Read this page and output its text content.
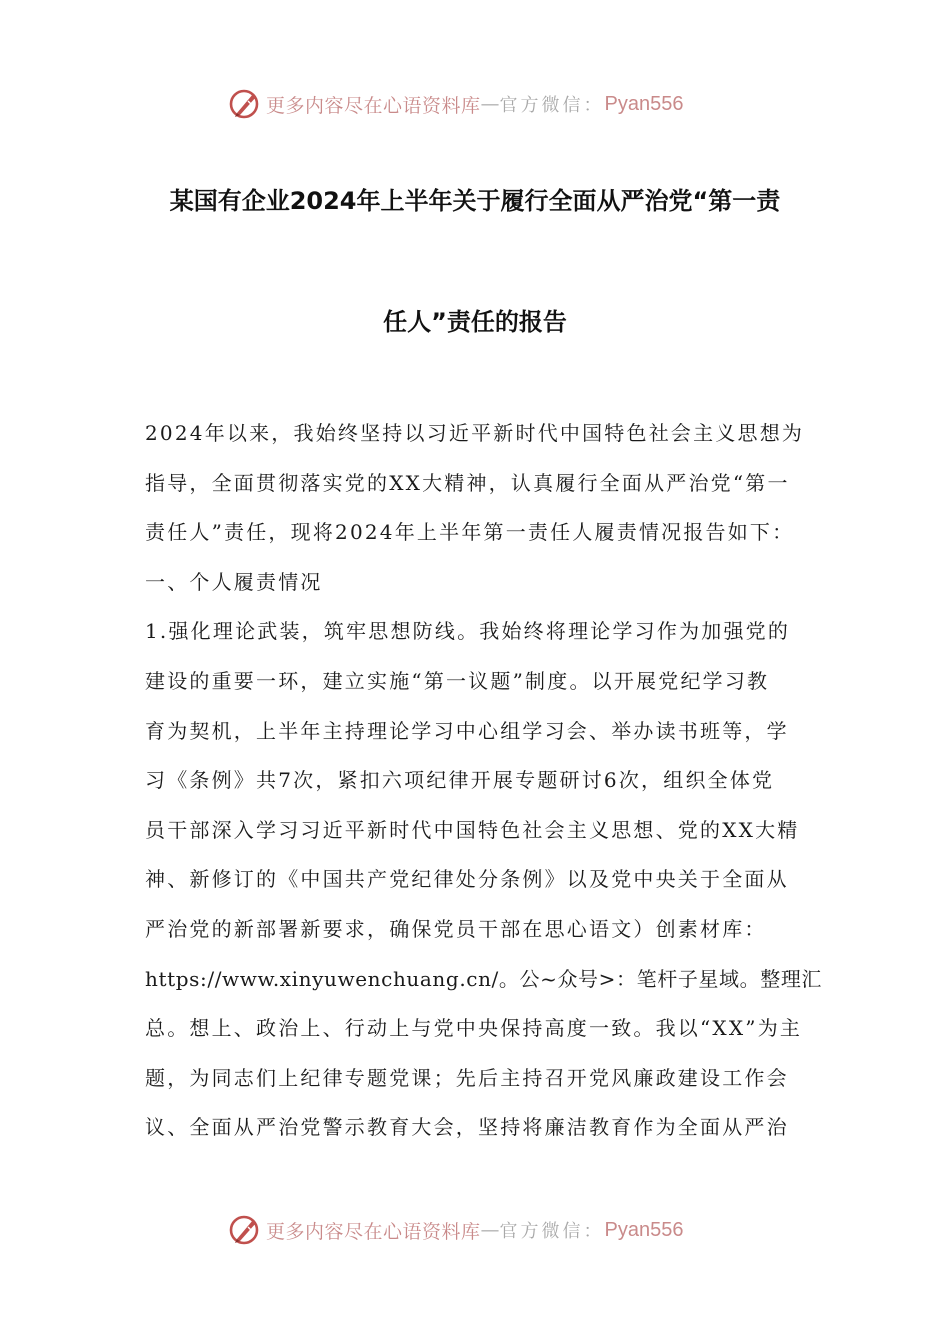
更多内容尽在心语资料库 — 官方微信： Pyan556
某国有企业2024年上半年关于履行全面从严治党“第一责
任人”责任的报告
2024年以来，我始终坚持以习近平新时代中国特色社会主义思想为
指导，全面贯彻落实党的XX大精神，认真履行全面从严治党“第一
责任人”责任，现将2024年上半年第一责任人履责情况报告如下：
一、个人履责情况
1.强化理论武装，筑牢思想防线。我始终将理论学习作为加强党的
建设的重要一环，建立实施“第一议题”制度。以开展党纪学习教
育为契机，上半年主持理论学习中心组学习会、举办读书班等，学
习《条例》共7次，紧扣六项纪律开展专题研讨6次，组织全体党
员干部深入学习习近平新时代中国特色社会主义思想、党的XX大精
神、新修订的《中国共产党纪律处分条例》以及党中央关于全面从
严治党的新部署新要求，确保党员干部在思心语文）创素材库：
https://www.xinyuwenchuang.cn/。公~众号>：笔杆子星域。整理汇
总。想上、政治上、行动上与党中央保持高度一致。我以“XX”为主
题，为同志们上纪律专题党课；先后主持召开党风廉政建设工作会
议、全面从严治党警示教育大会，坚持将廉洁教育作为全面从严治
更多内容尽在心语资料库 — 官方微信： Pyan556
